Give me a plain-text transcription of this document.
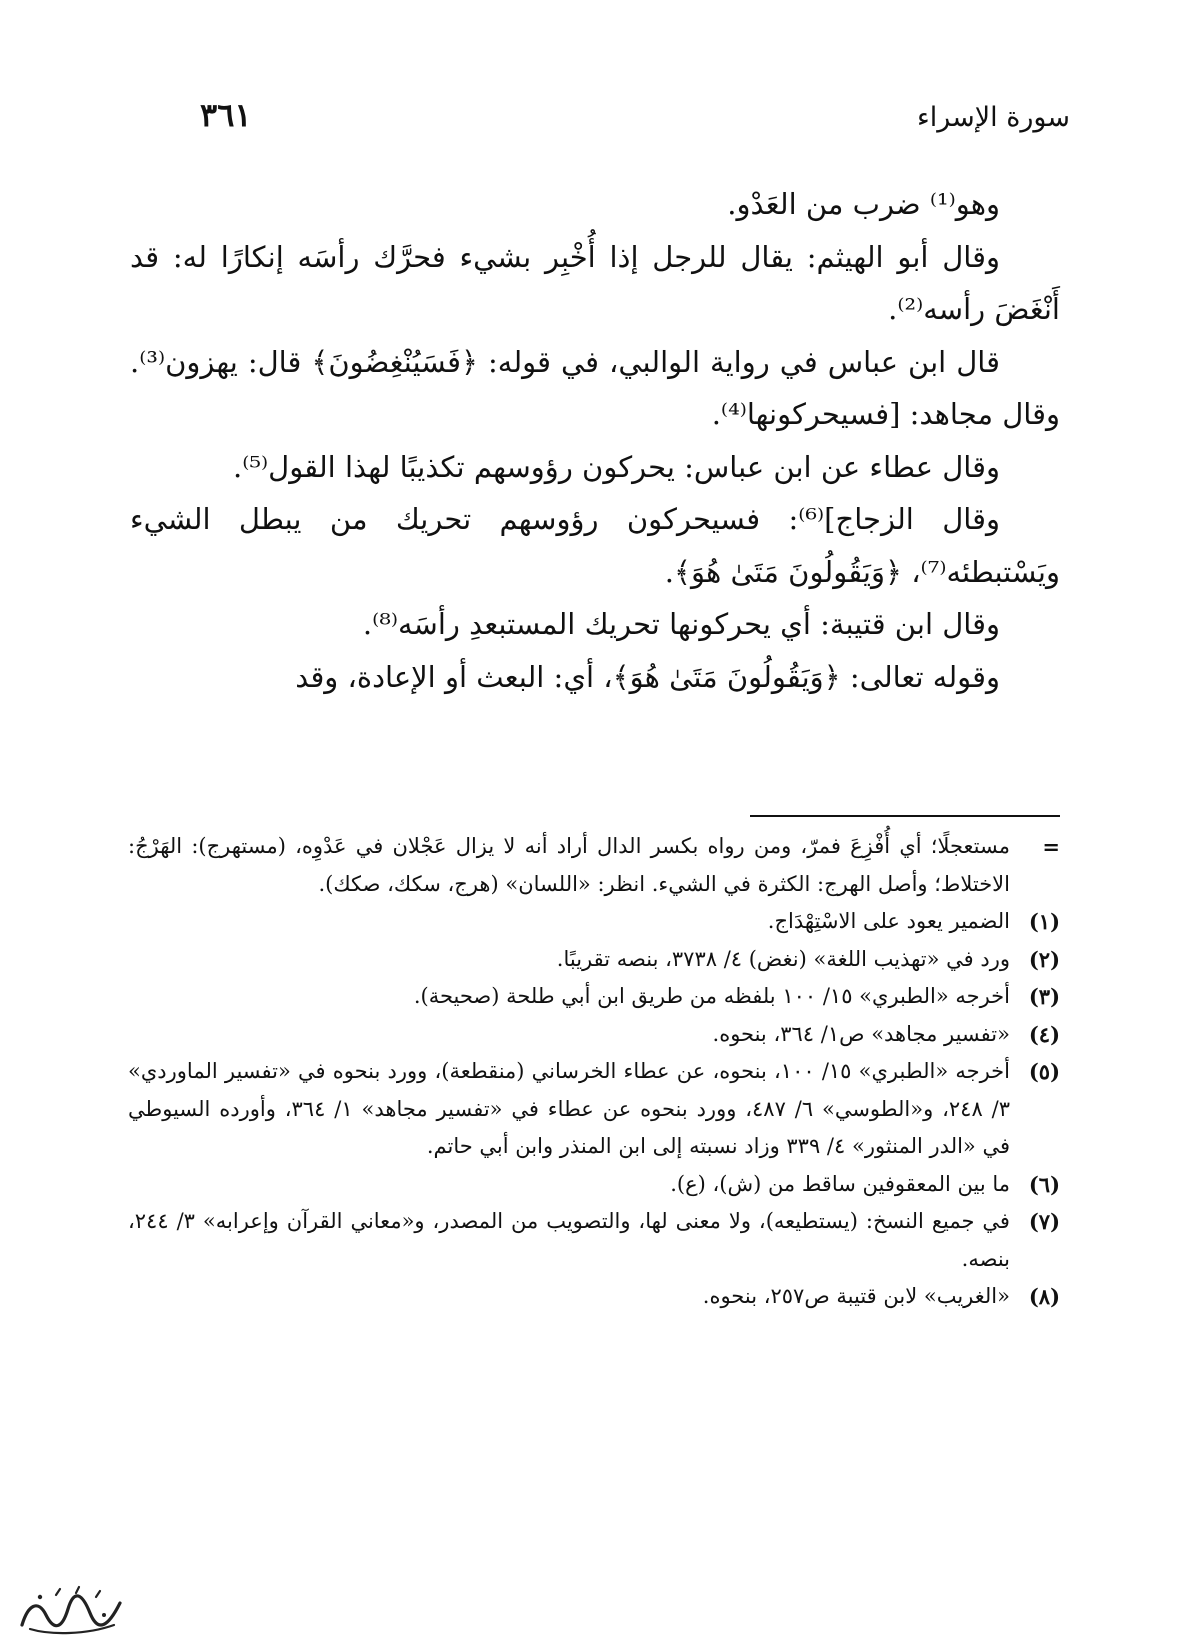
سورة الإسراء
٣٦١

وهو⁽¹⁾ ضرب من العَدْو.

وقال أبو الهيثم: يقال للرجل إذا أُخْبِر بشيء فحرَّك رأسَه إنكارًا له: قد أَنْغَضَ رأسه⁽²⁾.

قال ابن عباس في رواية الوالبي، في قوله: ﴿فَسَيُنْغِضُونَ﴾ قال: يهزون⁽³⁾. وقال مجاهد: [فسيحركونها⁽⁴⁾.

وقال عطاء عن ابن عباس: يحركون رؤوسهم تكذيبًا لهذا القول⁽⁵⁾.

وقال الزجاج]⁽⁶⁾: فسيحركون رؤوسهم تحريك من يبطل الشيء ويَسْتبطئه⁽⁷⁾، ﴿وَيَقُولُونَ مَتَىٰ هُوَ﴾.

وقال ابن قتيبة: أي يحركونها تحريك المستبعدِ رأسَه⁽⁸⁾.

وقوله تعالى: ﴿وَيَقُولُونَ مَتَىٰ هُوَ﴾، أي: البعث أو الإعادة، وقد

=
مستعجلًا؛ أي أُفْزِعَ فمرّ، ومن رواه بكسر الدال أراد أنه لا يزال عَجْلان في عَدْوِه، (مستهرج): الهَرْجُ: الاختلاط؛ وأصل الهرج: الكثرة في الشيء. انظر: «اللسان» (هرج، سكك، صكك).

(١)
الضمير يعود على الاسْتِهْدَاج.

(٢)
ورد في «تهذيب اللغة» (نغض) ٤/ ٣٧٣٨، بنصه تقريبًا.

(٣)
أخرجه «الطبري» ١٥/ ١٠٠ بلفظه من طريق ابن أبي طلحة (صحيحة).

(٤)
«تفسير مجاهد» ص١/ ٣٦٤، بنحوه.

(٥)
أخرجه «الطبري» ١٥/ ١٠٠، بنحوه، عن عطاء الخرساني (منقطعة)، وورد بنحوه في «تفسير الماوردي» ٣/ ٢٤٨، و«الطوسي» ٦/ ٤٨٧، وورد بنحوه عن عطاء في «تفسير مجاهد» ١/ ٣٦٤، وأورده السيوطي في «الدر المنثور» ٤/ ٣٣٩ وزاد نسبته إلى ابن المنذر وابن أبي حاتم.

(٦)
ما بين المعقوفين ساقط من (ش)، (ع).

(٧)
في جميع النسخ: (يستطيعه)، ولا معنى لها، والتصويب من المصدر، و«معاني القرآن وإعرابه» ٣/ ٢٤٤، بنصه.

(٨)
«الغريب» لابن قتيبة ص٢٥٧، بنحوه.
